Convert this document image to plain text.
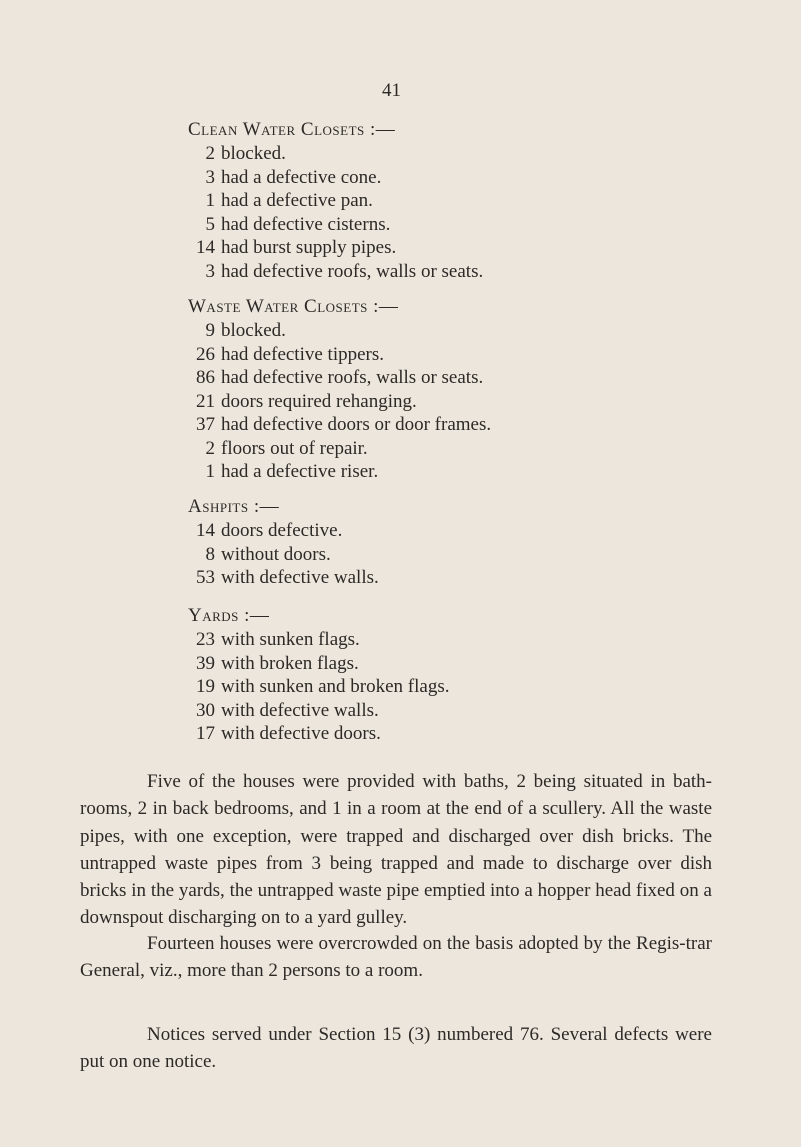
41
Clean Water Closets :—
2 blocked.
3 had a defective cone.
1 had a defective pan.
5 had defective cisterns.
14 had burst supply pipes.
3 had defective roofs, walls or seats.
Waste Water Closets :—
9 blocked.
26 had defective tippers.
86 had defective roofs, walls or seats.
21 doors required rehanging.
37 had defective doors or door frames.
2 floors out of repair.
1 had a defective riser.
Ashpits :—
14 doors defective.
8 without doors.
53 with defective walls.
Yards :—
23 with sunken flags.
39 with broken flags.
19 with sunken and broken flags.
30 with defective walls.
17 with defective doors.

Five of the houses were provided with baths, 2 being situated in bath-rooms, 2 in back bedrooms, and 1 in a room at the end of a scullery. All the waste pipes, with one exception, were trapped and discharged over dish bricks. The untrapped waste pipes from 3 being trapped and made to discharge over dish bricks in the yards, the untrapped waste pipe emptied into a hopper head fixed on a downspout discharging on to a yard gulley.

Fourteen houses were overcrowded on the basis adopted by the Regis-trar General, viz., more than 2 persons to a room.

Notices served under Section 15 (3) numbered 76. Several defects were put on one notice.
